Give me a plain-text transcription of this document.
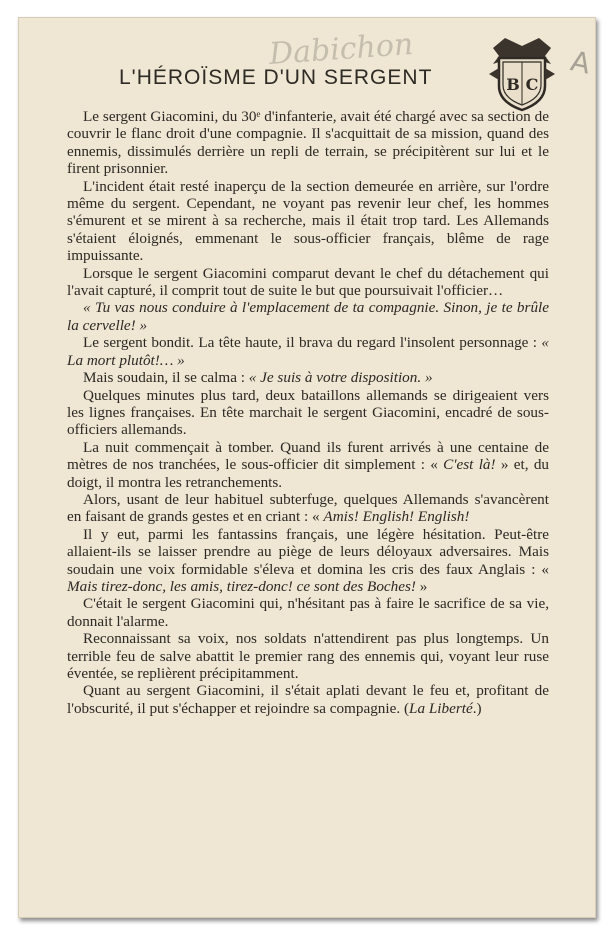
Dabichon	A
B C
L'HÉROÏSME D'UN SERGENT

Le sergent Giacomini, du 30ᵉ d'infanterie, avait été chargé avec sa section de couvrir le flanc droit d'une compagnie. Il s'acquittait de sa mission, quand des ennemis, dissimulés derrière un repli de terrain, se précipitèrent sur lui et le firent prisonnier.

L'incident était resté inaperçu de la section demeurée en arrière, sur l'ordre même du sergent. Cependant, ne voyant pas revenir leur chef, les hommes s'émurent et se mirent à sa recherche, mais il était trop tard. Les Allemands s'étaient éloignés, emmenant le sous-officier français, blême de rage impuissante.

Lorsque le sergent Giacomini comparut devant le chef du détachement qui l'avait capturé, il comprit tout de suite le but que poursuivait l'officier…

« Tu vas nous conduire à l'emplacement de ta compagnie. Sinon, je te brûle la cervelle! »

Le sergent bondit. La tête haute, il brava du regard l'insolent personnage : « La mort plutôt!… »

Mais soudain, il se calma : « Je suis à votre disposition. »

Quelques minutes plus tard, deux bataillons allemands se dirigeaient vers les lignes françaises. En tête marchait le sergent Giacomini, encadré de sous-officiers allemands.

La nuit commençait à tomber. Quand ils furent arrivés à une centaine de mètres de nos tranchées, le sous-officier dit simplement : « C'est là! » et, du doigt, il montra les retranchements.

Alors, usant de leur habituel subterfuge, quelques Allemands s'avancèrent en faisant de grands gestes et en criant : « Amis! English! English!

Il y eut, parmi les fantassins français, une légère hésitation. Peut-être allaient-ils se laisser prendre au piège de leurs déloyaux adversaires. Mais soudain une voix formidable s'éleva et domina les cris des faux Anglais : « Mais tirez-donc, les amis, tirez-donc! ce sont des Boches! »

C'était le sergent Giacomini qui, n'hésitant pas à faire le sacrifice de sa vie, donnait l'alarme.

Reconnaissant sa voix, nos soldats n'attendirent pas plus longtemps. Un terrible feu de salve abattit le premier rang des ennemis qui, voyant leur ruse éventée, se replièrent précipitamment.

Quant au sergent Giacomini, il s'était aplati devant le feu et, profitant de l'obscurité, il put s'échapper et rejoindre sa compagnie. (La Liberté.)
